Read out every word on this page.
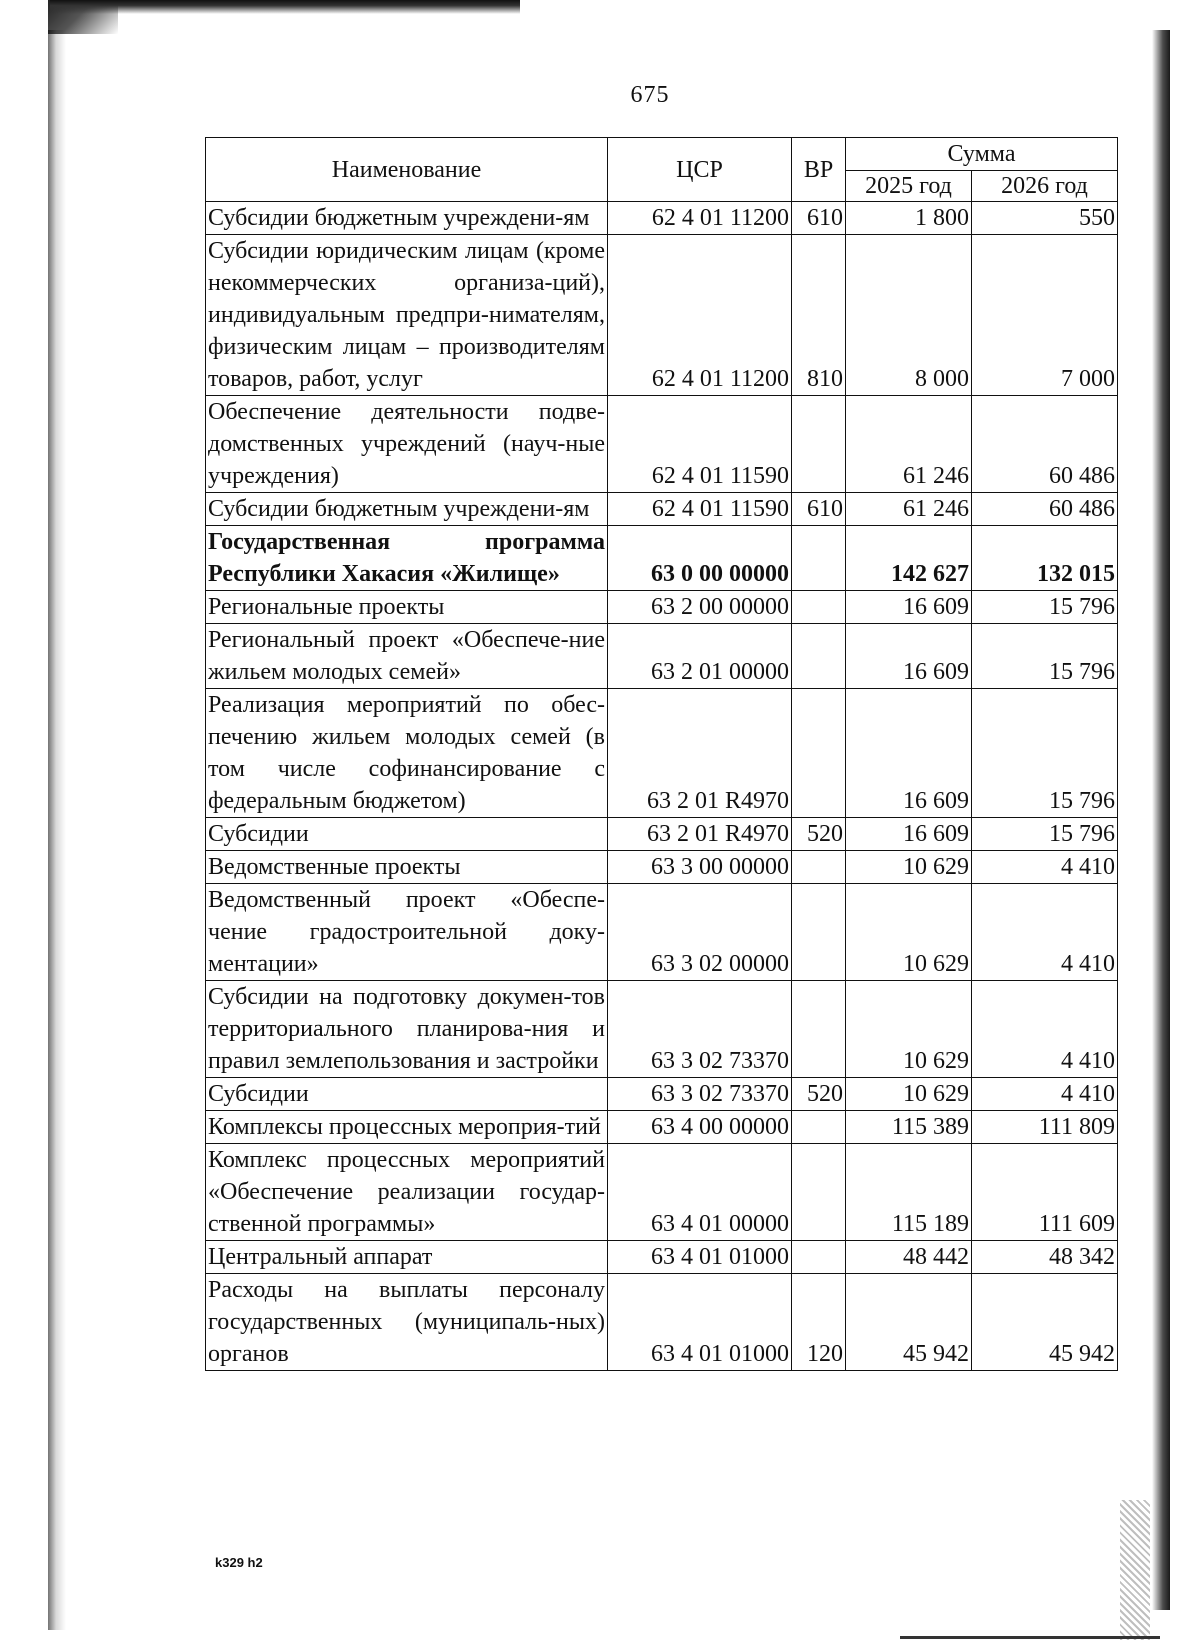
675
Наименование	ЦСР	ВР	Сумма	
			2025 год	2026 год
Субсидии бюджетным учреждени-ям	62 4 01 11200	610	1 800	550
Субсидии юридическим лицам (кроме некоммерческих организа-ций), индивидуальным предпри-нимателям, физическим лицам – производителям товаров, работ, услуг	62 4 01 11200	810	8 000	7 000
Обеспечение деятельности подве-домственных учреждений (науч-ные учреждения)	62 4 01 11590		61 246	60 486
Субсидии бюджетным учреждени-ям	62 4 01 11590	610	61 246	60 486
Государственная программа Республики Хакасия «Жилище»	63 0 00 00000		142 627	132 015
Региональные проекты	63 2 00 00000		16 609	15 796
Региональный проект «Обеспече-ние жильем молодых семей»	63 2 01 00000		16 609	15 796
Реализация мероприятий по обес-печению жильем молодых семей (в том числе софинансирование с федеральным бюджетом)	63 2 01 R4970		16 609	15 796
Субсидии	63 2 01 R4970	520	16 609	15 796
Ведомственные проекты	63 3 00 00000		10 629	4 410
Ведомственный проект «Обеспе-чение градостроительной доку-ментации»	63 3 02 00000		10 629	4 410
Субсидии на подготовку докумен-тов территориального планирова-ния и правил землепользования и застройки	63 3 02 73370		10 629	4 410
Субсидии	63 3 02 73370	520	10 629	4 410
Комплексы процессных мероприя-тий	63 4 00 00000		115 389	111 809
Комплекс процессных мероприятий «Обеспечение реализации государ-ственной программы»	63 4 01 00000		115 189	111 609
Центральный аппарат	63 4 01 01000		48 442	48 342
Расходы на выплаты персоналу государственных (муниципаль-ных) органов	63 4 01 01000	120	45 942	45 942
k329 h2
